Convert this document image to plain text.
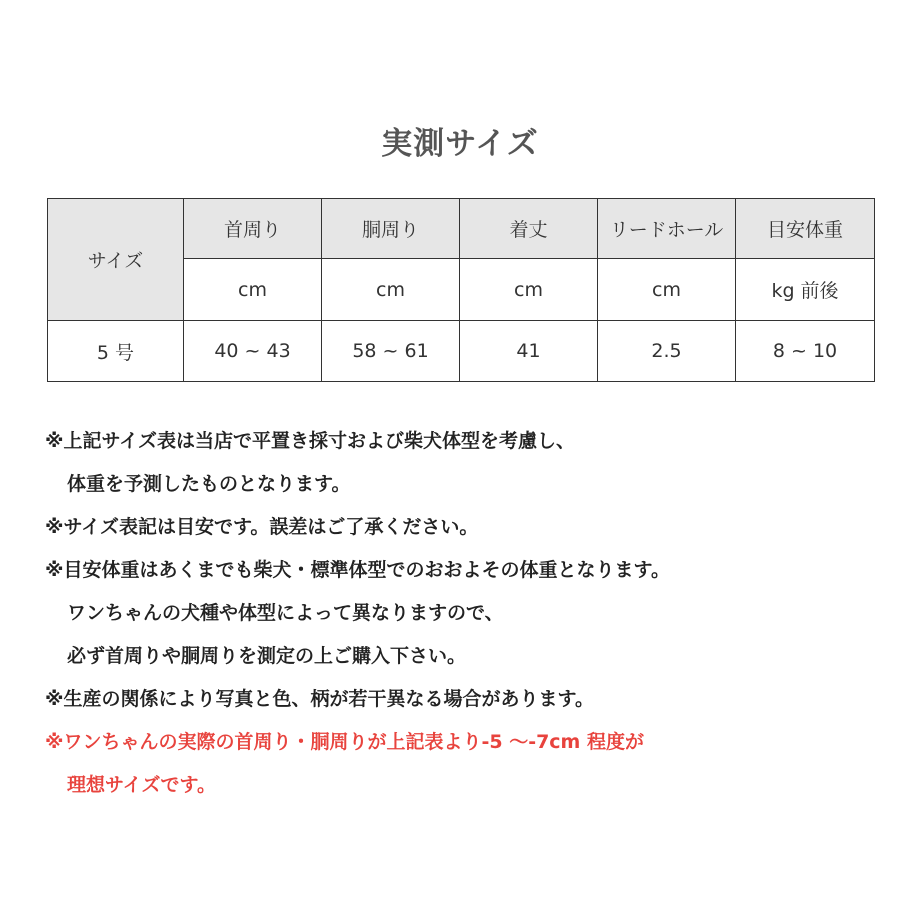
実測サイズ
サイズ	首周り	胴周り	着丈	リードホール	目安体重
	cm	cm	cm	cm	kg 前後
5 号	40 ~ 43	58 ~ 61	41	2.5	8 ~ 10
※上記サイズ表は当店で平置き採寸および柴犬体型を考慮し、
体重を予測したものとなります。
※サイズ表記は目安です。誤差はご了承ください。
※目安体重はあくまでも柴犬・標準体型でのおおよその体重となります。
ワンちゃんの犬種や体型によって異なりますので、
必ず首周りや胴周りを測定の上ご購入下さい。
※生産の関係により写真と色、柄が若干異なる場合があります。
※ワンちゃんの実際の首周り・胴周りが上記表より-5 ～-7cm 程度が
理想サイズです。
